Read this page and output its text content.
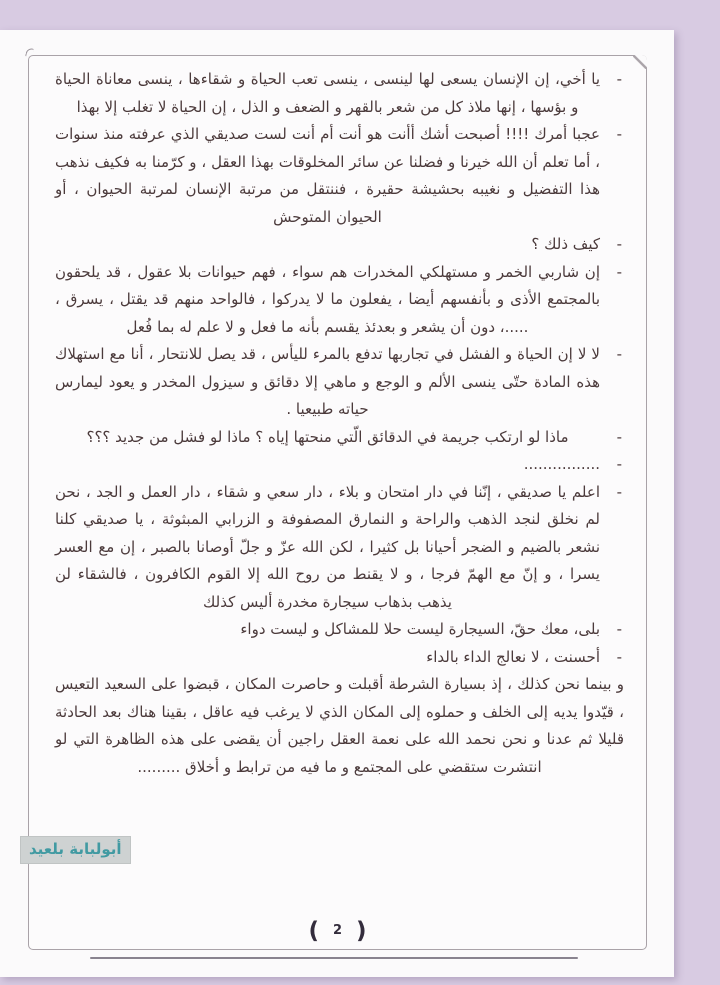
-
يا أخي، إن الإنسان يسعى لها لينسى ، ينسى تعب الحياة و شقاءها ، ينسى معاناة الحياة و بؤسها ، إنها ملاذ كل من شعر بالقهر و الضعف و الذل ، إن الحياة لا تغلب إلا بهذا
-
عجبا أمرك !!!! أصبحت أشك أأنت هو أنت أم أنت لست صديقي الذي عرفته منذ سنوات ، أما تعلم أن الله خيرنا و فضلنا عن سائر المخلوقات بهذا العقل ، و كرّمنا به فكيف نذهب هذا التفضيل و نغيبه بحشيشة حقيرة ، فننتقل من مرتبة الإنسان لمرتبة الحيوان ، أو الحيوان المتوحش
-
كيف ذلك ؟
-
إن شاربي الخمر و مستهلكي المخدرات هم سواء ، فهم حيوانات بلا عقول ، قد يلحقون بالمجتمع الأذى و بأنفسهم أيضا ، يفعلون ما لا يدركوا ، فالواحد منهم قد يقتل ، يسرق ، .....، دون أن يشعر و بعدئذ يقسم بأنه ما فعل و لا علم له بما فُعل
-
لا لا إن الحياة و الفشل في تجاربها تدفع بالمرء لليأس ، قد يصل للانتحار ، أنا مع استهلاك هذه المادة حتّى ينسى الألم و الوجع و ماهي إلا دقائق و سيزول المخدر و يعود ليمارس حياته طبيعيا .
-
ماذا لو ارتكب جريمة في الدقائق الّتي منحتها إياه ؟ ماذا لو فشل من جديد ؟؟؟
-
................
-
اعلم يا صديقي ، إنّنا في دار امتحان و بلاء ، دار سعي و شقاء ، دار العمل و الجد ، نحن لم نخلق لنجد الذهب والراحة و النمارق المصفوفة و الزرابي المبثوثة ، يا صديقي كلنا نشعر بالضيم و الضجر أحيانا بل كثيرا ، لكن الله عزّ و جلّ أوصانا بالصبر ، إن مع العسر يسرا ، و إنّ مع الهمّ فرجا ، و لا يقنط من روح الله إلا القوم الكافرون ، فالشقاء لن يذهب بذهاب سيجارة مخدرة أليس كذلك
-
بلى، معك حقّ، السيجارة ليست حلا للمشاكل و ليست دواء
-
أحسنت ، لا نعالج الداء بالداء
و بينما نحن كذلك ، إذ بسيارة الشرطة أقبلت و حاصرت المكان ، قبضوا على السعيد التعيس ، قيّدوا يديه إلى الخلف و حملوه إلى المكان الذي لا يرغب فيه عاقل ، بقينا هناك بعد الحادثة قليلا ثم عدنا و نحن نحمد الله على نعمة العقل راجين أن يقضى على هذه الظاهرة التي لو انتشرت ستقضي على المجتمع و ما فيه من ترابط و أخلاق .........
( 2 )
أبولبابة بلعيد
